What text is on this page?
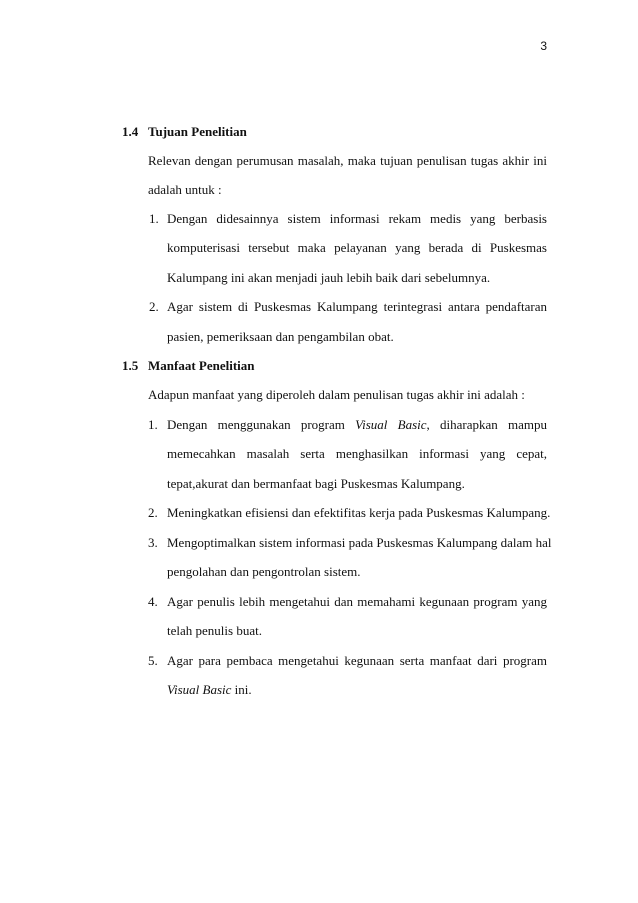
3
1.4 Tujuan Penelitian
Relevan dengan perumusan masalah, maka tujuan penulisan tugas akhir ini
adalah untuk :
1. Dengan didesainnya sistem informasi rekam medis yang berbasis
komputerisasi tersebut maka pelayanan yang berada di Puskesmas
Kalumpang ini akan menjadi jauh lebih baik dari sebelumnya.
2. Agar sistem di Puskesmas Kalumpang terintegrasi antara pendaftaran
pasien, pemeriksaan dan pengambilan obat.
1.5 Manfaat Penelitian
Adapun manfaat yang diperoleh dalam penulisan tugas akhir ini adalah :
1. Dengan menggunakan program Visual Basic, diharapkan mampu
memecahkan masalah serta menghasilkan informasi yang cepat,
tepat,akurat dan bermanfaat bagi Puskesmas Kalumpang.
2. Meningkatkan efisiensi dan efektifitas kerja pada Puskesmas Kalumpang.
3. Mengoptimalkan sistem informasi pada Puskesmas Kalumpang dalam hal
pengolahan dan pengontrolan sistem.
4. Agar penulis lebih mengetahui dan memahami kegunaan program yang
telah penulis buat.
5. Agar para pembaca mengetahui kegunaan serta manfaat dari program
Visual Basic ini.
